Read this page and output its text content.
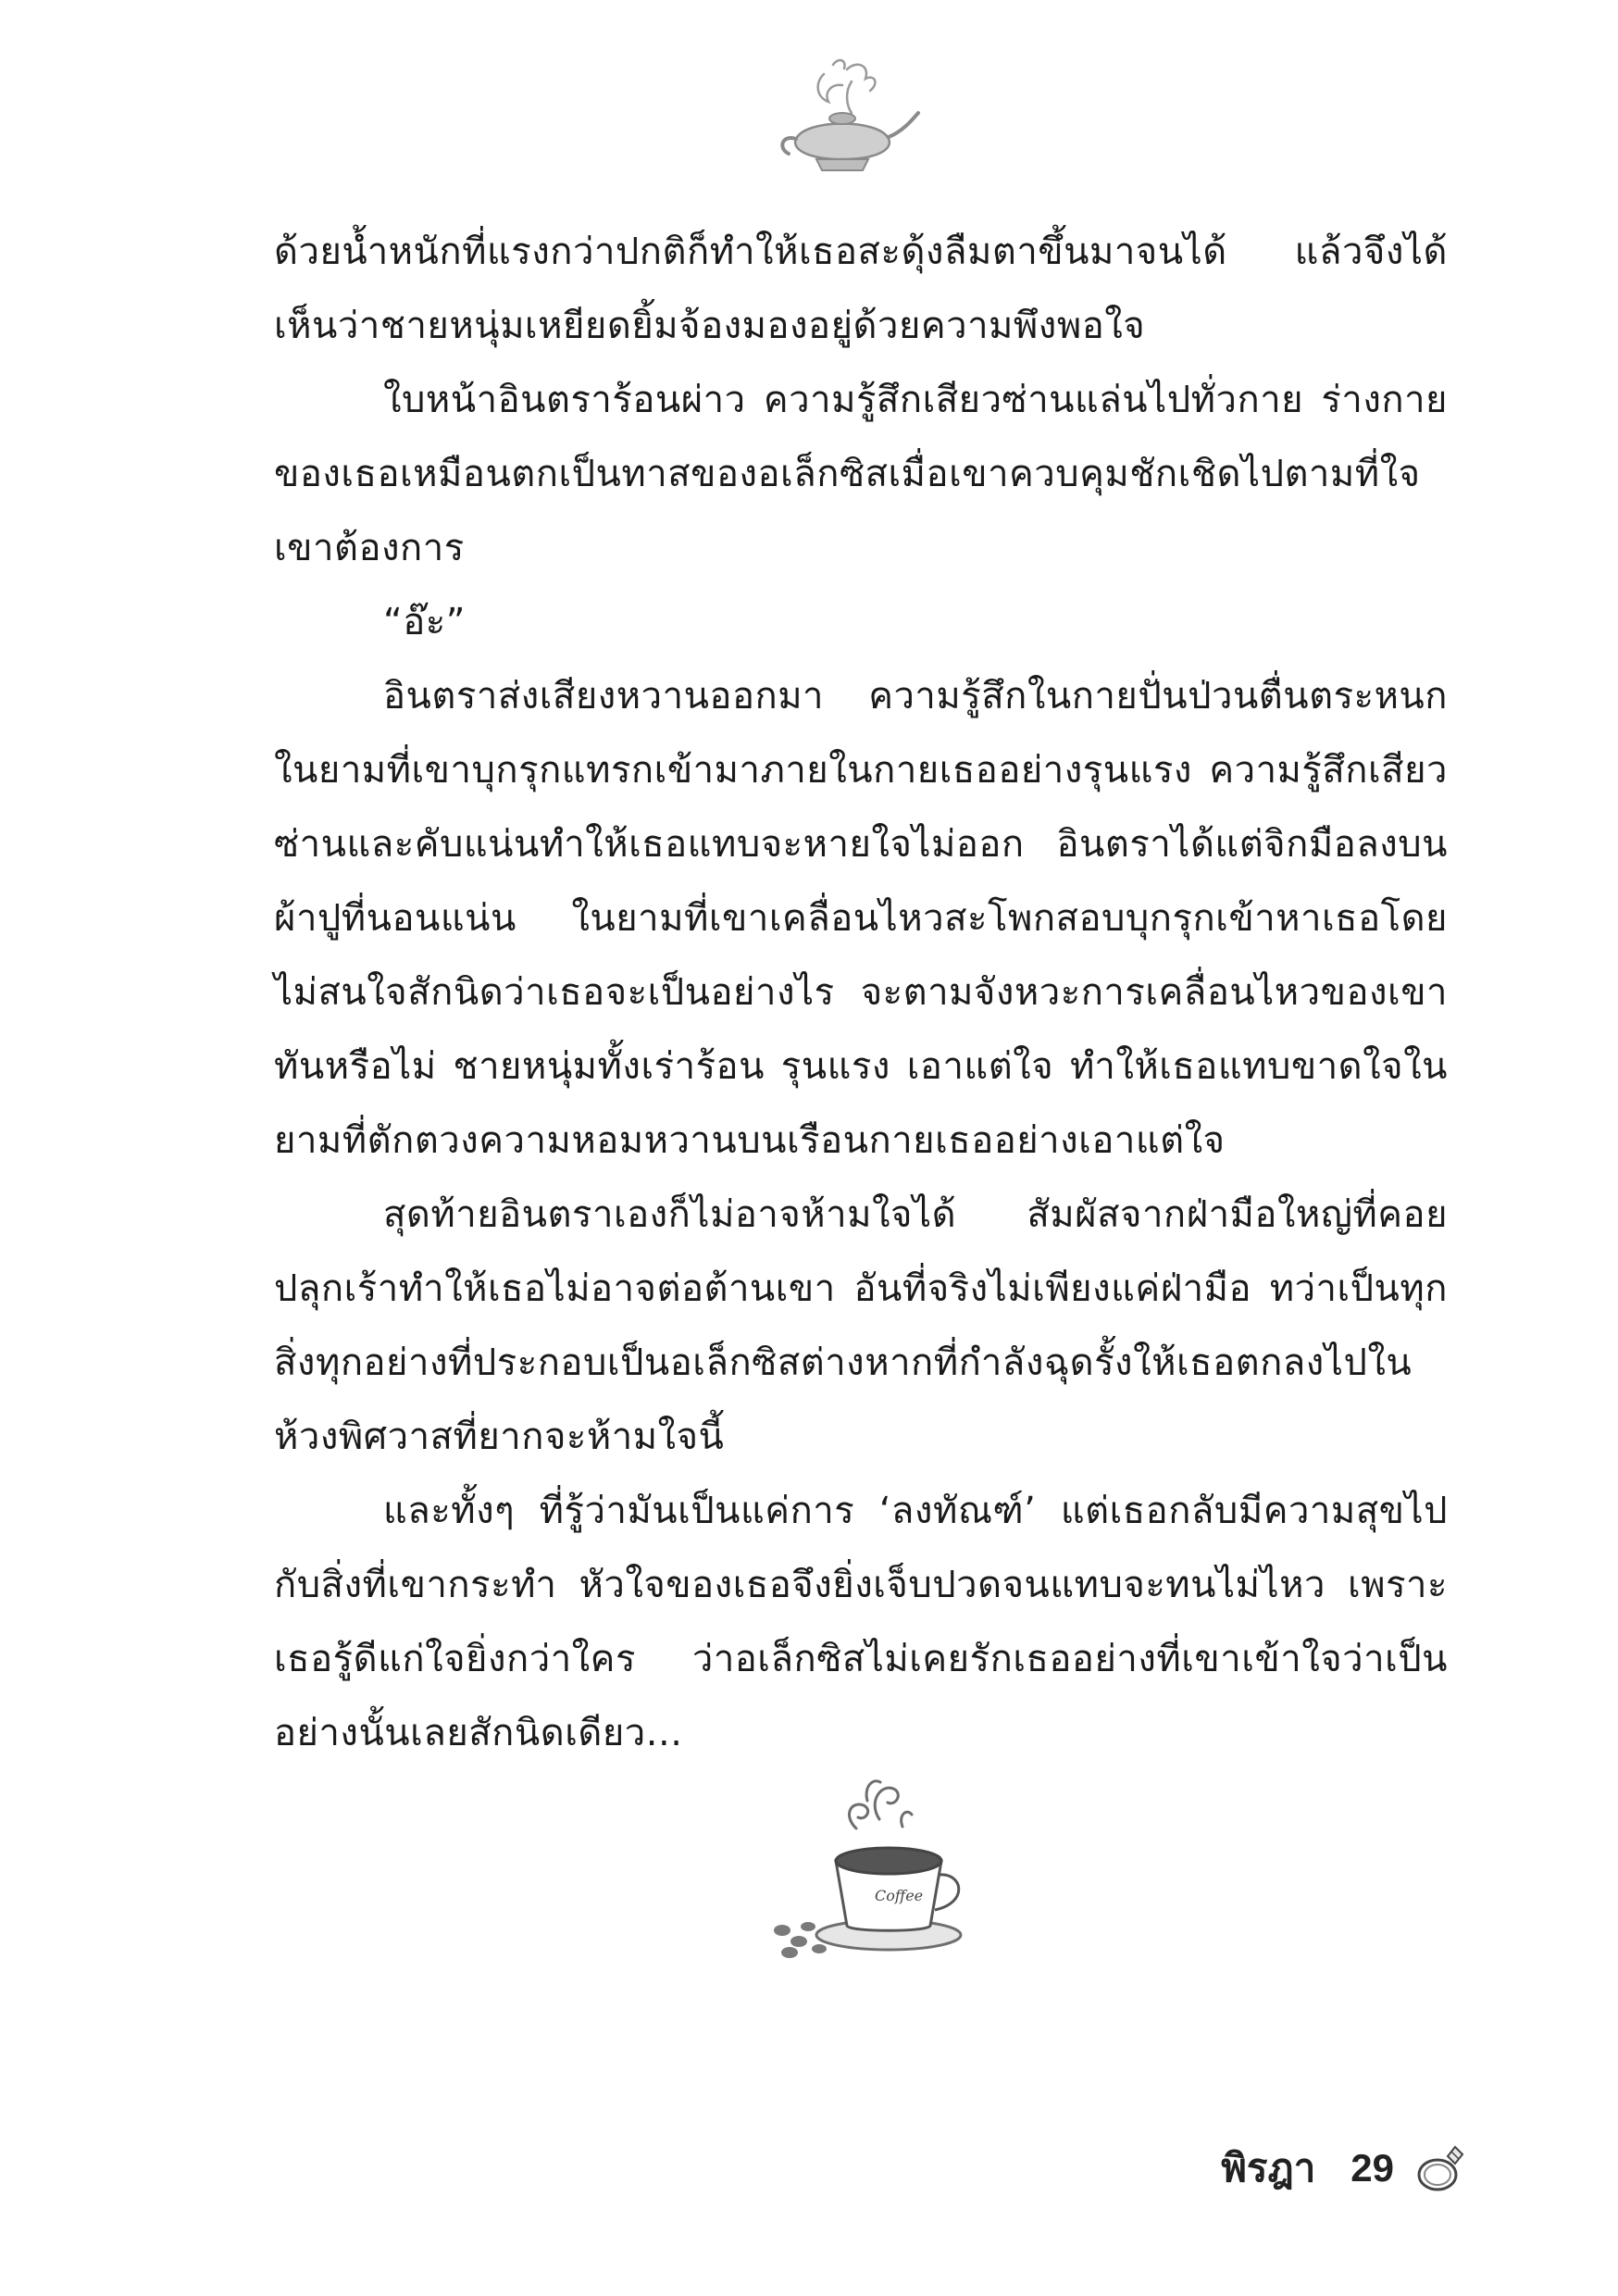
ด้วยน้ำหนักที่แรงกว่าปกติก็ทำให้เธอสะดุ้งลืมตาขึ้นมาจนได้ แล้วจึงได้เห็นว่าชายหนุ่มเหยียดยิ้มจ้องมองอยู่ด้วยความพึงพอใจ

ใบหน้าอินตราร้อนผ่าว ความรู้สึกเสียวซ่านแล่นไปทั่วกาย ร่างกายของเธอเหมือนตกเป็นทาสของอเล็กซิสเมื่อเขาควบคุมชักเชิดไปตามที่ใจเขาต้องการ

“อ๊ะ”

อินตราส่งเสียงหวานออกมา ความรู้สึกในกายปั่นป่วนตื่นตระหนกในยามที่เขาบุกรุกแทรกเข้ามาภายในกายเธออย่างรุนแรง ความรู้สึกเสียวซ่านและคับแน่นทำให้เธอแทบจะหายใจไม่ออก อินตราได้แต่จิกมือลงบนผ้าปูที่นอนแน่น ในยามที่เขาเคลื่อนไหวสะโพกสอบบุกรุกเข้าหาเธอโดยไม่สนใจสักนิดว่าเธอจะเป็นอย่างไร จะตามจังหวะการเคลื่อนไหวของเขาทันหรือไม่ ชายหนุ่มทั้งเร่าร้อน รุนแรง เอาแต่ใจ ทำให้เธอแทบขาดใจในยามที่ตักตวงความหอมหวานบนเรือนกายเธออย่างเอาแต่ใจ

สุดท้ายอินตราเองก็ไม่อาจห้ามใจได้ สัมผัสจากฝ่ามือใหญ่ที่คอยปลุกเร้าทำให้เธอไม่อาจต่อต้านเขา อันที่จริงไม่เพียงแค่ฝ่ามือ ทว่าเป็นทุกสิ่งทุกอย่างที่ประกอบเป็นอเล็กซิสต่างหากที่กำลังฉุดรั้งให้เธอตกลงไปในห้วงพิศวาสที่ยากจะห้ามใจนี้

และทั้งๆ ที่รู้ว่ามันเป็นแค่การ ‘ลงทัณฑ์’ แต่เธอกลับมีความสุขไปกับสิ่งที่เขากระทำ หัวใจของเธอจึงยิ่งเจ็บปวดจนแทบจะทนไม่ไหว เพราะเธอรู้ดีแก่ใจยิ่งกว่าใคร ว่าอเล็กซิสไม่เคยรักเธออย่างที่เขาเข้าใจว่าเป็นอย่างนั้นเลยสักนิดเดียว...

Coffee
พิรฎา 29
